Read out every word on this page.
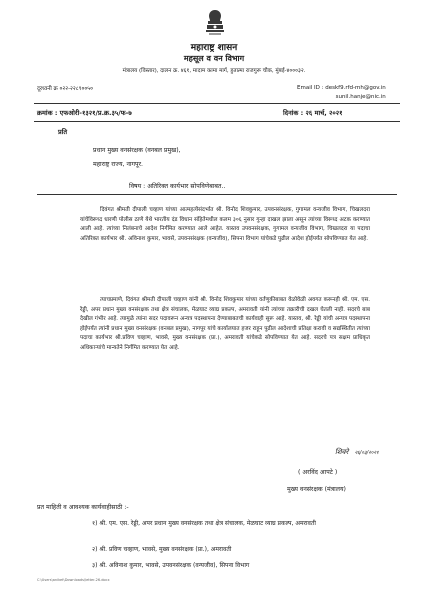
महाराष्ट्र शासन
महसूल व वन विभाग
मंत्रालय (विस्तार), दालन क्र. ४६१, मादाम कामा मार्ग, हुतात्मा राजगुरू चौक, मुंबई-४०००३२.
दूरध्वनी क्र ०२२-२२८९००५०	Email ID : deskf9.rfd-mh@gov.in
sunil.hanje@nic.in
क्रमांक : एफओरी-१३२१/प्र.क्र.३५/फ-७	दिनांक : २६ मार्च, २०२१
प्रति
प्रधान मुख्य वनसंरक्षक (वनबल प्रमुख),
महाराष्ट्र राज्य, नागपूर.
विषय : अतिरिक्त कार्यभार सोपविणेबाबत..
दिवंगत श्रीमती दीपाली चव्हाण यांच्या आत्महत्येसंदर्भात श्री. विनोद शिवकुमार, उपवनसंरक्षक, गुगामल वन्यजीव विभाग, चिखलदरा यांचेविरूध्द धारणी पोलीस ठाणे येथे भारतीय दंड विधान संहितेमधील कलम ३०६ नुसार गुन्हा दाखल झाला असून त्यांच्या विरूध्द अटक करण्यात आली आहे. त्यांच्या निलंबनाचे आदेश निर्गमित करण्यात आले आहेत. यास्तव उपवनसंरक्षक, गुगामल वन्यजीव विभाग, चिखलदरा या पदाचा अतिरिक्त कार्यभार श्री. अविनाश कुमार, भावसे, उपवनसंरक्षक (वन्यजीव), सिपना विभाग यांचेकडे पुढील आदेश होईपर्यंत सोपविण्यात येत आहे.
त्याचप्रमाणे, दिवंगत श्रीमती दीपाली चव्हाण यांनी श्री. विनोद शिवकुमार यांच्या वर्तणुकीबाबत वेळोवेळी अवगत करूनही श्री. एम. एस. रेड्डी, अपर प्रधान मुख्य वनसंरक्षक तथा क्षेत्र संचालक, मेळघाट व्याघ्र प्रकल्प, अमरावती यांनी त्यांच्या तक्रारीची दखल घेतली नाही. सदरचे बाब देखील गंभीर आहे. त्यामुळे त्यांना सदर पदावरून अन्यत्र पदस्थापना देण्याबाबतची कार्यवाही सुरू आहे. यास्तव, श्री. रेड्डी यांची अन्यत्र पदस्थापना होईपर्यंत त्यांनी प्रधान मुख्य वनसंरक्षक (वनबल प्रमुख), नागपूर यांचे कार्यालयात हजर राहून पुढील आदेशाची प्रतिक्षा करावी व सद्यस्थितीत त्यांच्या पदाचा कार्यभार श्री.प्रविण चव्हाण, भावसे, मुख्य वनसंरक्षक (प्रा.), अमरावती यांचेकडे सोपविण्यात येत आहे. सदरचे पत्र सक्षम प्राधिकृत अधिकाऱ्यांचे मान्यतेने निर्गमित करण्यात येत आहे.
शिवरे २६/०३/२०२१
( अरविंद आपटे )
मुख्य वनसंरक्षक (मंत्रालय)
प्रत माहिती व आवश्यक कार्यवाहीसाठी :-
१) श्री. एम. एस. रेड्डी, अपर प्रधान मुख्य वनसंरक्षक तथा क्षेत्र संचालक, मेळघाट व्याघ्र प्रकल्प, अमरावती
२) श्री. प्रविण चव्हाण, भावसे, मुख्य वनसंरक्षक (प्रा.), अमरावती
३) श्री. अविनाश कुमार, भावसे, उपवनसंरक्षक (वन्यजीव), सिपना विभाग
C:\Users\aniket\Downloads\letter-26.docx
